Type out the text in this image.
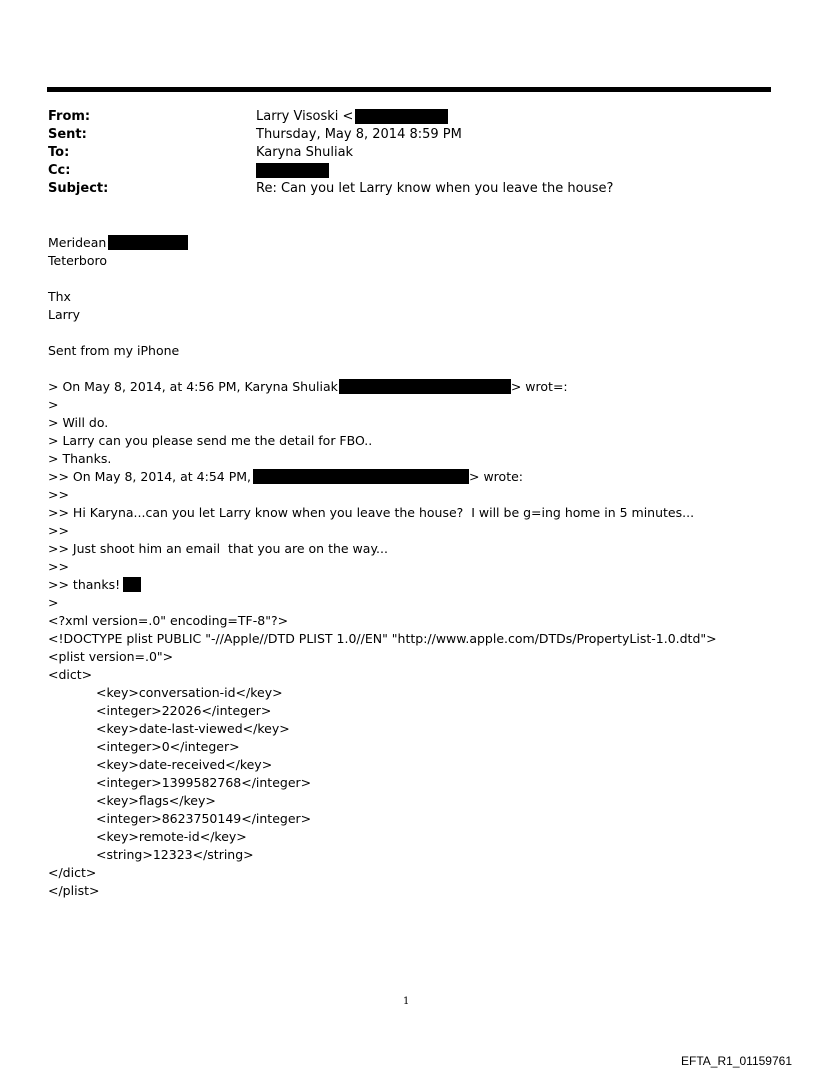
From:	Larry Visoski <
Sent:	Thursday, May 8, 2014 8:59 PM
To:	Karyna Shuliak
Cc:
Subject:	Re: Can you let Larry know when you leave the house?
Meridean
Teterboro
Thx
Larry
Sent from my iPhone
> On May 8, 2014, at 4:56 PM, Karyna Shuliak	> wrot=:
>
> Will do.
> Larry can you please send me the detail for FBO..
> Thanks.
>> On May 8, 2014, at 4:54 PM,	> wrote:
>>
>> Hi Karyna...can you let Larry know when you leave the house?  I will be g=ing home in 5 minutes...
>>
>> Just shoot him an email  that you are on the way...
>>
>> thanks!
>
<?xml version=.0" encoding=TF-8"?>
<!DOCTYPE plist PUBLIC "-//Apple//DTD PLIST 1.0//EN" "http://www.apple.com/DTDs/PropertyList-1.0.dtd">
<plist version=.0">
<dict>
<key>conversation-id</key>
<integer>22026</integer>
<key>date-last-viewed</key>
<integer>0</integer>
<key>date-received</key>
<integer>1399582768</integer>
<key>flags</key>
<integer>8623750149</integer>
<key>remote-id</key>
<string>12323</string>
</dict>
</plist>
1
EFTA_R1_01159761
